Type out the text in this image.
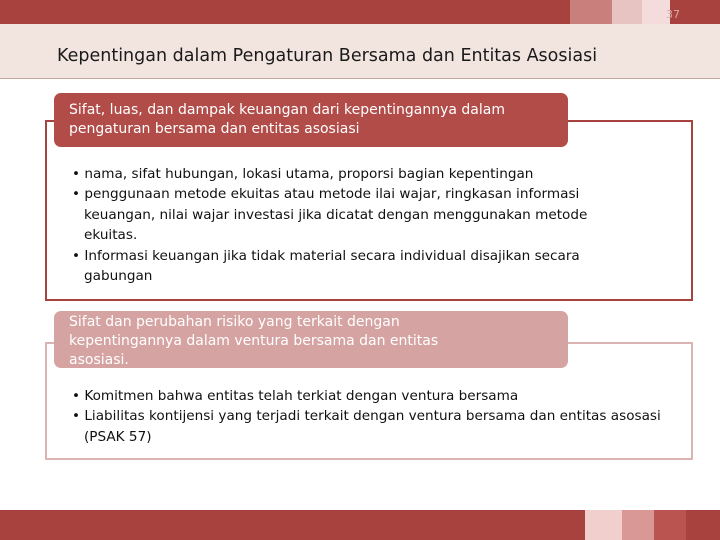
Kepentingan dalam Pengaturan Bersama dan Entitas Asosiasi
Sifat, luas, dan dampak keuangan dari kepentingannya dalam pengaturan bersama dan entitas asosiasi
• nama, sifat hubungan, lokasi utama, proporsi bagian kepentingan
• penggunaan metode ekuitas atau metode ilai wajar, ringkasan informasi keuangan, nilai wajar investasi jika dicatat dengan menggunakan metode ekuitas.
• Informasi keuangan jika tidak material secara individual disajikan secara gabungan
Sifat dan perubahan risiko yang terkait dengan kepentingannya dalam ventura bersama dan entitas asosiasi.
• Komitmen bahwa entitas telah terkiat dengan ventura bersama
• Liabilitas kontijensi yang terjadi terkait dengan ventura bersama dan entitas asosasi (PSAK 57)
37
